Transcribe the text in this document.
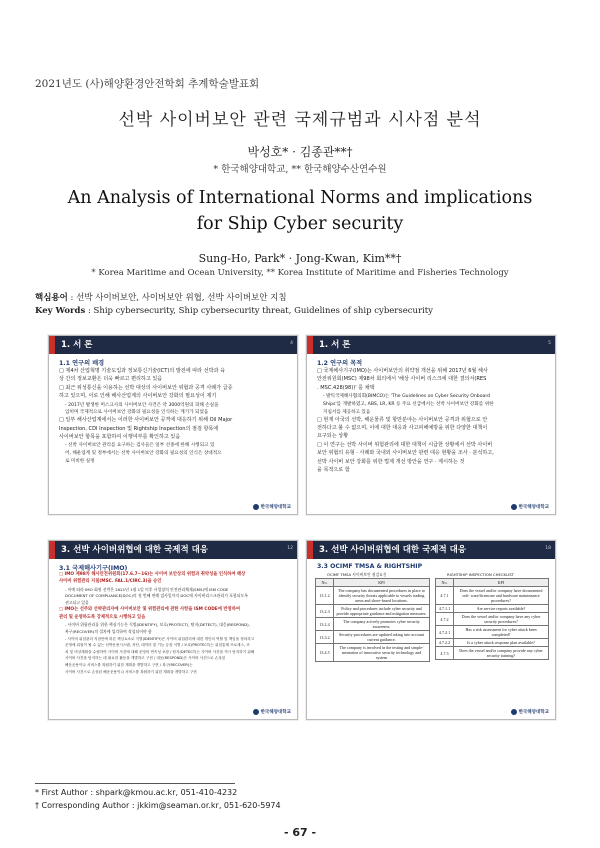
2021년도 (사)해양환경안전학회 추계학술발표회
선박 사이버보안 관련 국제규범과 시사점 분석
박성호* · 김종관**†
* 한국해양대학교, ** 한국해양수산연수원
An Analysis of International Norms and implications for Ship Cyber security
Sung-Ho, Park* · Jong-Kwan, Kim**†
* Korea Maritime and Ocean University, ** Korea Institute of Maritime and Fisheries Technology
핵심용어 : 선박 사이버보안, 사이버보안 위협, 선박 사이버보안 지침
Key Words : Ship cybersecurity, Ship cybersecurity threat, Guidelines of ship cybersecurity
1. 서 론	4
1.1 연구의 배경

□ 제4차 산업혁명 기술도입과 정보통신기술(ICT)의 발전에 따라 선박과 육

상 간의 정보교환은 더욱 빠르고 편리하고 있음

□ 최근 위성통신을 이용하는 선박 대상의 사이버보안 위협과 공격 사례가 급증

하고 있으며, 이로 인해 해사산업계의 사이버보안 강화의 필요성이 제기

- 2017년 발생한 머스크사의 사이버보안 사건은 약 3000억원의 피해 손실을

입히며 국제적으로 사이버보안 강화의 필요성을 인식하는 계기가 되었음

□ 일부 해사산업계에서는 이러한 사이버보안 공격에 대응하기 위해 Oil Major

Inspection, CDI Inspection 및 Rightship Inspection의 점검 항목에

사이버보안 항목을 포함하여 이행여부를 확인하고 있음

- 선박 사이버보안 관리를 요구하는 검사들은 일부 선종에 한해 시행되고 있

어, 해운업계 및 정부에서는 선박 사이버보안 강화의 필요성의 인식은 상대적으

로 미비한 실정

한국해양대학교
1. 서 론	5
1.2 연구의 목적

□ 국제해사기구(IMO)는 사이버보안의 취약점 개선을 위해 2017년 6월 해사

안전위원회(MSC) 제98차 회의에서 '해상 사이버 리스크에 대한 결의서(RES

. MSC.428(98))' 를 채택

- 발틱국제해사협의회(BIMCO)는 'The Guidelines on Cyber Security Onboard

Ships'를 개발하였고, ABS, LR, KR 등 주요 선급에서는 선박 사이버보안 강화를 위한

지침서를 제공하고 있음

□ 현재 아국의 선박, 해운물류 및 항만분야는 사이버보안 공격과 위협으로 안

전하다고 볼 수 없으며, 이에 대한 대응과 사고피해예방을 위한 다양한 대책이

요구되는 상황

□ 이 연구는 선박 사이버 위험관리에 대한 대책이 시급한 상황에서 선박 사이버

보안 위협의 유형 · 사례와 국내외 사이버보안 관련 대응 현황을 조사 · 분석하고,

선박 사이버 보안 강화를 위한 법제 개선 방안을 연구 · 제시하는 것

을 목적으로 함

한국해양대학교
3. 선박 사이버위협에 대한 국제적 대응	12
3.1 국제해사기구(IMO)

□ IMO 제98차 해사안전위원회(17.6.7~16)는 사이버 보안상의 위험과 취약성을 인식하여 해상

사이버 위험관리 지침(MSC. FAL.1/CIRC.3)을 승인

- 이에 따라 IMO 회원 선박은 2021년 1월 1일 이후 사업장의 안전관리체제(SMS)에 ISM CODE

DOCUMENT OF COMPLIANCE(DOC)의 첫 번째 연례 검사일까지 DOC에 사이버리스크관리가 포함되도록

권고되고 있음

□ IMO는 선주와 선박관리자에 사이버보안 및 위험관리에 관한 사항을 ISM CODE에 반영하여

관리 및 운영하도록 강제적으로 시행하고 있음

- 사이버 위험관리를 위한 핵심기능은 식별(IDENTIFY), 보호(PROTECT), 탐지(DETECT), 대응(RESPOND),

복구(RECOVER)의 절차에 입각하여 작성되어야 함

- 사이버 위험관리 지침안에 따른 핵심요소로 식별(IDENTIFY)은 사이버 위험관리에 대한 개인의 역할 및 책임을 정의하고

운영에 위험이 될 수 있는 선박운용시스템, 자산, 데이터 및 기능 등을 식별 / 보호(PROTECT)는 위험통제 프로세스, 조

치 및 비상계획을 수립하여 사이버 사건에 대해 운영의 연속성 보장 / 탐지(DETECT)는 사이버 사건을 적시 탐지하기 위해

사이버 사건을 탐지하는 데 필요한 활동을 개발하고 구현 / 대응(RESPOND)은 사이버 사건으로 손상된

해운운용이나 서비스를 복원하기 위한 계획을 개발하고 구현 / 복구(RECOVER)는

사이버 사건으로 손상된 해운운용이나 서비스를 복원하기 위한 계획을 개발하고 구현

한국해양대학교
3. 선박 사이버위협에 대한 국제적 대응	18
3.3 OCIMF TMSA & RIGHTSHIP
OCIMF TMSA 사이버보안 점검요건	RIGHTSHIP INSPECTION CHECKLIST
No.	KPI
13.1.2	The company has documented procedures in place to identify security threats applicable to vessels trading areas and shore-based locations.
13.2.3	Policy and procedures include cyber security and provide appropriate guidance and mitigation measures.
13.2.4	The company actively promotes cyber security awareness.
13.3.2	Security procedures are updated taking into account current guidance.
13.4.5	The company is involved in the testing and simple- mentation of innovative security technology and system
No.	KPI
4.7.1	Does the vessel and/or company have documented soft- ware/firmware and hardware maintenance procedures?
4.7.1.1	Are service reports available?
4.7.2	Does the vessel and/or company have any cyber security procedures?
4.7.2.1	Has a risk assessment for cyber attack been completed?
4.7.2.2	Is a cyber attack response plan available?
4.7.3	Does the vessel and/or company provide any cyber security training?
한국해양대학교
* First Author : shpark@kmou.ac.kr, 051-410-4232
† Corresponding Author : jkkim@seaman.or.kr, 051-620-5974
- 67 -
